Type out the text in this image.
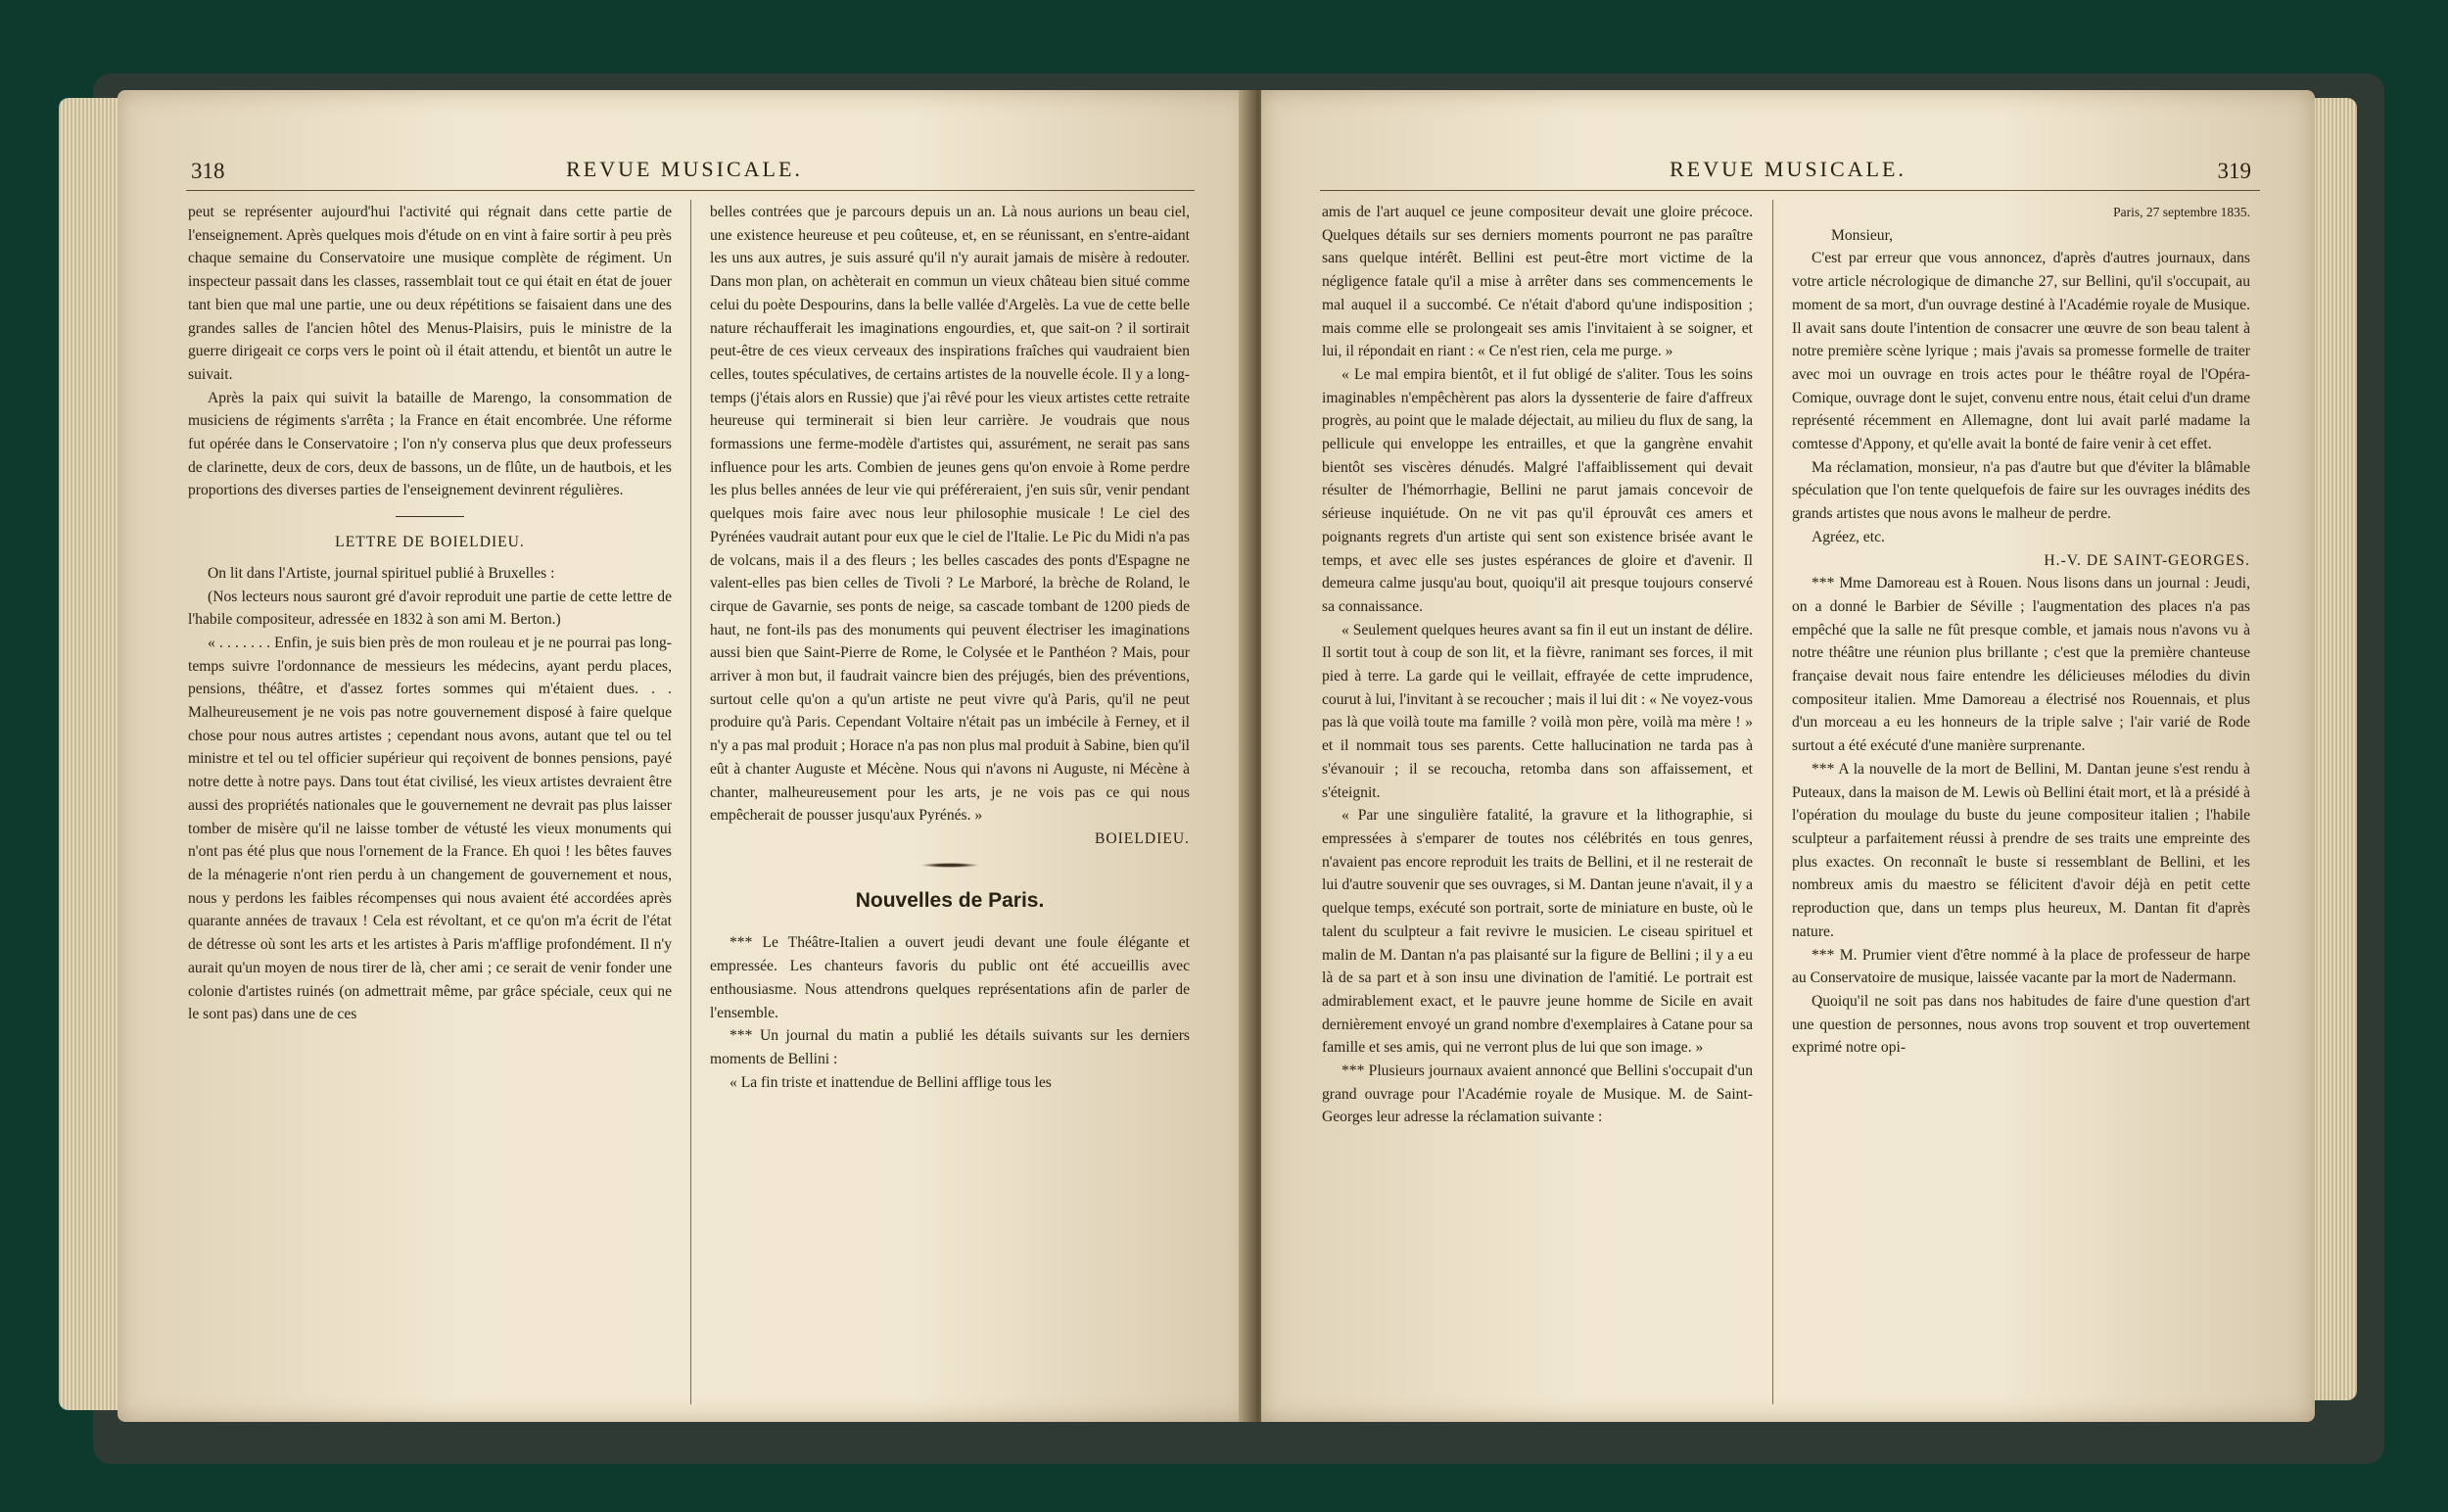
318	REVUE MUSICALE.

peut se représenter aujourd'hui l'activité qui régnait dans cette partie de l'enseignement. Après quelques mois d'étude on en vint à faire sortir à peu près chaque semaine du Conservatoire une musique complète de régiment. Un inspecteur passait dans les classes, rassemblait tout ce qui était en état de jouer tant bien que mal une partie, une ou deux répétitions se faisaient dans une des grandes salles de l'ancien hôtel des Menus-Plaisirs, puis le ministre de la guerre dirigeait ce corps vers le point où il était attendu, et bientôt un autre le suivait.

Après la paix qui suivit la bataille de Marengo, la consommation de musiciens de régiments s'arrêta ; la France en était encombrée. Une réforme fut opérée dans le Conservatoire ; l'on n'y conserva plus que deux professeurs de clarinette, deux de cors, deux de bassons, un de flûte, un de hautbois, et les proportions des diverses parties de l'enseignement devinrent régulières.

LETTRE DE BOIELDIEU.

On lit dans l'Artiste, journal spirituel publié à Bruxelles :

(Nos lecteurs nous sauront gré d'avoir reproduit une partie de cette lettre de l'habile compositeur, adressée en 1832 à son ami M. Berton.)

« . . . . . . . Enfin, je suis bien près de mon rouleau et je ne pourrai pas long-temps suivre l'ordonnance de messieurs les médecins, ayant perdu places, pensions, théâtre, et d'assez fortes sommes qui m'étaient dues. . . Malheureusement je ne vois pas notre gouvernement disposé à faire quelque chose pour nous autres artistes ; cependant nous avons, autant que tel ou tel ministre et tel ou tel officier supérieur qui reçoivent de bonnes pensions, payé notre dette à notre pays. Dans tout état civilisé, les vieux artistes devraient être aussi des propriétés nationales que le gouvernement ne devrait pas plus laisser tomber de misère qu'il ne laisse tomber de vétusté les vieux monuments qui n'ont pas été plus que nous l'ornement de la France. Eh quoi ! les bêtes fauves de la ménagerie n'ont rien perdu à un changement de gouvernement et nous, nous y perdons les faibles récompenses qui nous avaient été accordées après quarante années de travaux ! Cela est révoltant, et ce qu'on m'a écrit de l'état de détresse où sont les arts et les artistes à Paris m'afflige profondément. Il n'y aurait qu'un moyen de nous tirer de là, cher ami ; ce serait de venir fonder une colonie d'artistes ruinés (on admettrait même, par grâce spéciale, ceux qui ne le sont pas) dans une de ces

belles contrées que je parcours depuis un an. Là nous aurions un beau ciel, une existence heureuse et peu coûteuse, et, en se réunissant, en s'entre-aidant les uns aux autres, je suis assuré qu'il n'y aurait jamais de misère à redouter. Dans mon plan, on achèterait en commun un vieux château bien situé comme celui du poète Despourins, dans la belle vallée d'Argelès. La vue de cette belle nature réchaufferait les imaginations engourdies, et, que sait-on ? il sortirait peut-être de ces vieux cerveaux des inspirations fraîches qui vaudraient bien celles, toutes spéculatives, de certains artistes de la nouvelle école. Il y a long-temps (j'étais alors en Russie) que j'ai rêvé pour les vieux artistes cette retraite heureuse qui terminerait si bien leur carrière. Je voudrais que nous formassions une ferme-modèle d'artistes qui, assurément, ne serait pas sans influence pour les arts. Combien de jeunes gens qu'on envoie à Rome perdre les plus belles années de leur vie qui préféreraient, j'en suis sûr, venir pendant quelques mois faire avec nous leur philosophie musicale ! Le ciel des Pyrénées vaudrait autant pour eux que le ciel de l'Italie. Le Pic du Midi n'a pas de volcans, mais il a des fleurs ; les belles cascades des ponts d'Espagne ne valent-elles pas bien celles de Tivoli ? Le Marboré, la brèche de Roland, le cirque de Gavarnie, ses ponts de neige, sa cascade tombant de 1200 pieds de haut, ne font-ils pas des monuments qui peuvent électriser les imaginations aussi bien que Saint-Pierre de Rome, le Colysée et le Panthéon ? Mais, pour arriver à mon but, il faudrait vaincre bien des préjugés, bien des préventions, surtout celle qu'on a qu'un artiste ne peut vivre qu'à Paris, qu'il ne peut produire qu'à Paris. Cependant Voltaire n'était pas un imbécile à Ferney, et il n'y a pas mal produit ; Horace n'a pas non plus mal produit à Sabine, bien qu'il eût à chanter Auguste et Mécène. Nous qui n'avons ni Auguste, ni Mécène à chanter, malheureusement pour les arts, je ne vois pas ce qui nous empêcherait de pousser jusqu'aux Pyrénés. »

BOIELDIEU.

Nouvelles de Paris.

*** Le Théâtre-Italien a ouvert jeudi devant une foule élégante et empressée. Les chanteurs favoris du public ont été accueillis avec enthousiasme. Nous attendrons quelques représentations afin de parler de l'ensemble.

*** Un journal du matin a publié les détails suivants sur les derniers moments de Bellini :

« La fin triste et inattendue de Bellini afflige tous les

REVUE MUSICALE.	319

amis de l'art auquel ce jeune compositeur devait une gloire précoce. Quelques détails sur ses derniers moments pourront ne pas paraître sans quelque intérêt. Bellini est peut-être mort victime de la négligence fatale qu'il a mise à arrêter dans ses commencements le mal auquel il a succombé. Ce n'était d'abord qu'une indisposition ; mais comme elle se prolongeait ses amis l'invitaient à se soigner, et lui, il répondait en riant : « Ce n'est rien, cela me purge. »

« Le mal empira bientôt, et il fut obligé de s'aliter. Tous les soins imaginables n'empêchèrent pas alors la dyssenterie de faire d'affreux progrès, au point que le malade déjectait, au milieu du flux de sang, la pellicule qui enveloppe les entrailles, et que la gangrène envahit bientôt ses viscères dénudés. Malgré l'affaiblissement qui devait résulter de l'hémorrhagie, Bellini ne parut jamais concevoir de sérieuse inquiétude. On ne vit pas qu'il éprouvât ces amers et poignants regrets d'un artiste qui sent son existence brisée avant le temps, et avec elle ses justes espérances de gloire et d'avenir. Il demeura calme jusqu'au bout, quoiqu'il ait presque toujours conservé sa connaissance.

« Seulement quelques heures avant sa fin il eut un instant de délire. Il sortit tout à coup de son lit, et la fièvre, ranimant ses forces, il mit pied à terre. La garde qui le veillait, effrayée de cette imprudence, courut à lui, l'invitant à se recoucher ; mais il lui dit : « Ne voyez-vous pas là que voilà toute ma famille ? voilà mon père, voilà ma mère ! » et il nommait tous ses parents. Cette hallucination ne tarda pas à s'évanouir ; il se recoucha, retomba dans son affaissement, et s'éteignit.

« Par une singulière fatalité, la gravure et la lithographie, si empressées à s'emparer de toutes nos célébrités en tous genres, n'avaient pas encore reproduit les traits de Bellini, et il ne resterait de lui d'autre souvenir que ses ouvrages, si M. Dantan jeune n'avait, il y a quelque temps, exécuté son portrait, sorte de miniature en buste, où le talent du sculpteur a fait revivre le musicien. Le ciseau spirituel et malin de M. Dantan n'a pas plaisanté sur la figure de Bellini ; il y a eu là de sa part et à son insu une divination de l'amitié. Le portrait est admirablement exact, et le pauvre jeune homme de Sicile en avait dernièrement envoyé un grand nombre d'exemplaires à Catane pour sa famille et ses amis, qui ne verront plus de lui que son image. »

*** Plusieurs journaux avaient annoncé que Bellini s'occupait d'un grand ouvrage pour l'Académie royale de Musique. M. de Saint-Georges leur adresse la réclamation suivante :

Paris, 27 septembre 1835.

Monsieur,

C'est par erreur que vous annoncez, d'après d'autres journaux, dans votre article nécrologique de dimanche 27, sur Bellini, qu'il s'occupait, au moment de sa mort, d'un ouvrage destiné à l'Académie royale de Musique. Il avait sans doute l'intention de consacrer une œuvre de son beau talent à notre première scène lyrique ; mais j'avais sa promesse formelle de traiter avec moi un ouvrage en trois actes pour le théâtre royal de l'Opéra-Comique, ouvrage dont le sujet, convenu entre nous, était celui d'un drame représenté récemment en Allemagne, dont lui avait parlé madame la comtesse d'Appony, et qu'elle avait la bonté de faire venir à cet effet.

Ma réclamation, monsieur, n'a pas d'autre but que d'éviter la blâmable spéculation que l'on tente quelquefois de faire sur les ouvrages inédits des grands artistes que nous avons le malheur de perdre.

Agréez, etc.

H.-V. DE SAINT-GEORGES.

*** Mme Damoreau est à Rouen. Nous lisons dans un journal : Jeudi, on a donné le Barbier de Séville ; l'augmentation des places n'a pas empêché que la salle ne fût presque comble, et jamais nous n'avons vu à notre théâtre une réunion plus brillante ; c'est que la première chanteuse française devait nous faire entendre les délicieuses mélodies du divin compositeur italien. Mme Damoreau a électrisé nos Rouennais, et plus d'un morceau a eu les honneurs de la triple salve ; l'air varié de Rode surtout a été exécuté d'une manière surprenante.

*** A la nouvelle de la mort de Bellini, M. Dantan jeune s'est rendu à Puteaux, dans la maison de M. Lewis où Bellini était mort, et là a présidé à l'opération du moulage du buste du jeune compositeur italien ; l'habile sculpteur a parfaitement réussi à prendre de ses traits une empreinte des plus exactes. On reconnaît le buste si ressemblant de Bellini, et les nombreux amis du maestro se félicitent d'avoir déjà en petit cette reproduction que, dans un temps plus heureux, M. Dantan fit d'après nature.

*** M. Prumier vient d'être nommé à la place de professeur de harpe au Conservatoire de musique, laissée vacante par la mort de Nadermann.

Quoiqu'il ne soit pas dans nos habitudes de faire d'une question d'art une question de personnes, nous avons trop souvent et trop ouvertement exprimé notre opi-
